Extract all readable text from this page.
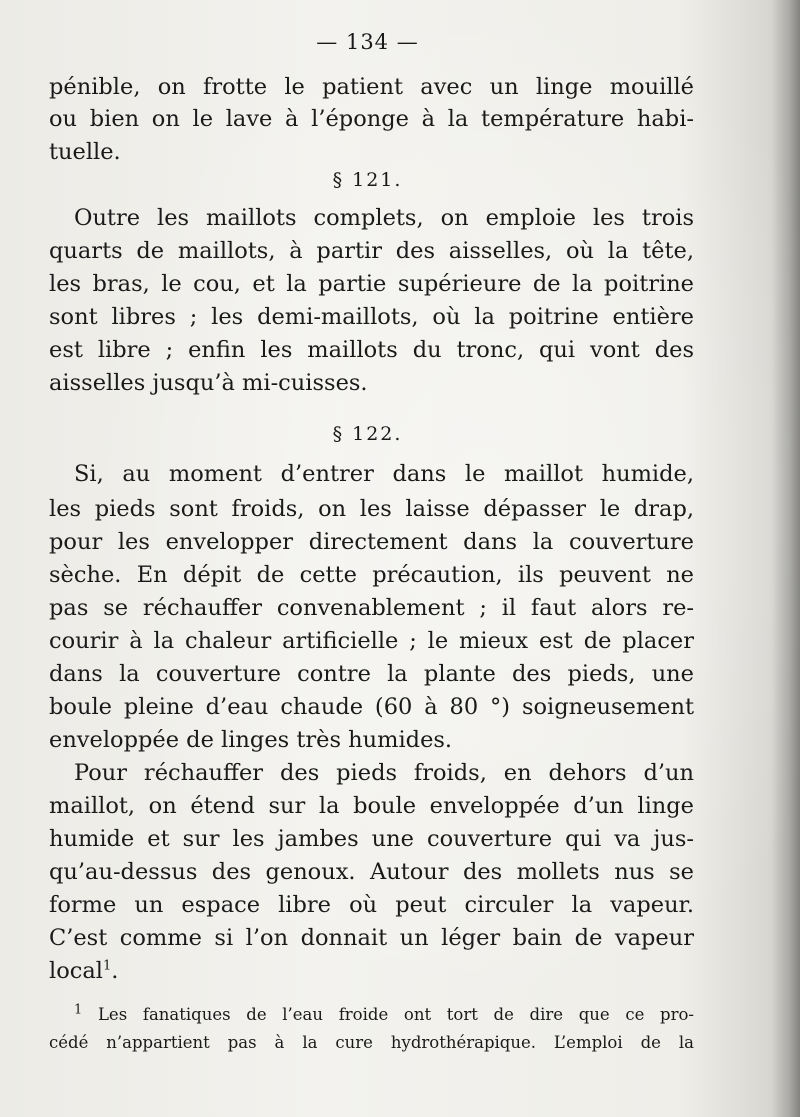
— 134 —
pénible, on frotte le patient avec un linge mouillé
ou bien on le lave à l’éponge à la température habi-
tuelle.
§ 121.
Outre les maillots complets, on emploie les trois
quarts de maillots, à partir des aisselles, où la tête,
les bras, le cou, et la partie supérieure de la poitrine
sont libres ; les demi-maillots, où la poitrine entière
est libre ; enfin les maillots du tronc, qui vont des
aisselles jusqu’à mi-cuisses.
§ 122.
Si, au moment d’entrer dans le maillot humide,
les pieds sont froids, on les laisse dépasser le drap,
pour les envelopper directement dans la couverture
sèche. En dépit de cette précaution, ils peuvent ne
pas se réchauffer convenablement ; il faut alors re-
courir à la chaleur artificielle ; le mieux est de placer
dans la couverture contre la plante des pieds, une
boule pleine d’eau chaude (60 à 80 °) soigneusement
enveloppée de linges très humides.
Pour réchauffer des pieds froids, en dehors d’un
maillot, on étend sur la boule enveloppée d’un linge
humide et sur les jambes une couverture qui va jus-
qu’au-dessus des genoux. Autour des mollets nus se
forme un espace libre où peut circuler la vapeur.
C’est comme si l’on donnait un léger bain de vapeur
local$^1$.
$^1$ Les fanatiques de l’eau froide ont tort de dire que ce pro-
cédé n’appartient pas à la cure hydrothérapique. L’emploi de la
